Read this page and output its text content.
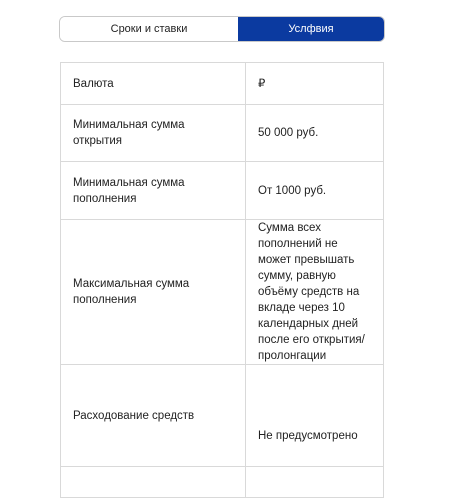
Сроки и ставки	Услфвия
Валюта	₽
Минимальная сумма открытия	50 000 руб.
Минимальная сумма пополнения	От 1000 руб.
Максимальная сумма пополнения	Сумма всех пополнений не может превышать сумму, равную объёму средств на вкладе через 10 календарных дней после его открытия/ пролонгации
Расходование средств	Не предусмотрено
